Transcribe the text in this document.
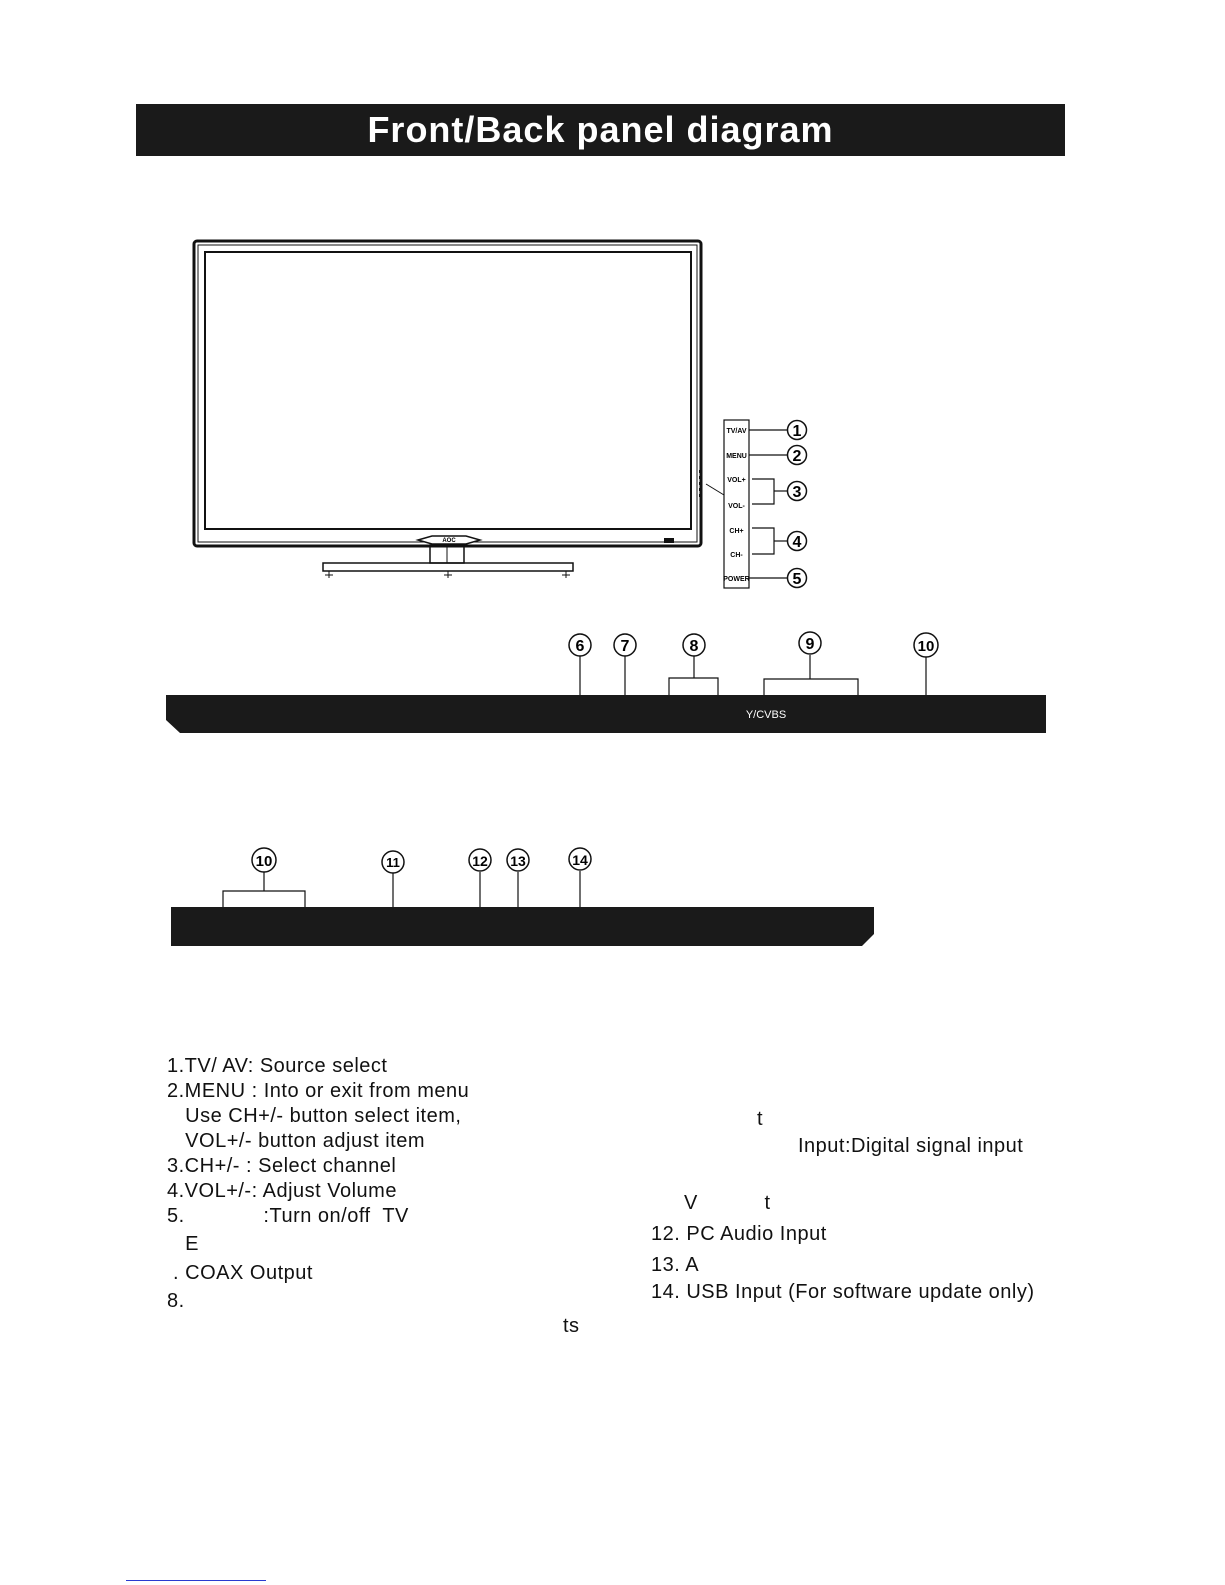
Front/Back panel diagram
AOC
TV/AV
MENU
VOL+
VOL-
CH+
CH-
POWER
1
2
3
4
5
Y/CVBS
6 7	8	9	10
10	11	12 13	14
1.TV/ AV: Source select
2.MENU : Into or exit from menu
Use CH+/- button select item,
VOL+/- button adjust item
3.CH+/- : Select channel
4.VOL+/-: Adjust Volume
5.             :Turn on/off  TV
E
. COAX Output
8.
ts
t
Input:Digital signal input
V           t
12. PC Audio Input
13. A
14. USB Input (For software update only)
